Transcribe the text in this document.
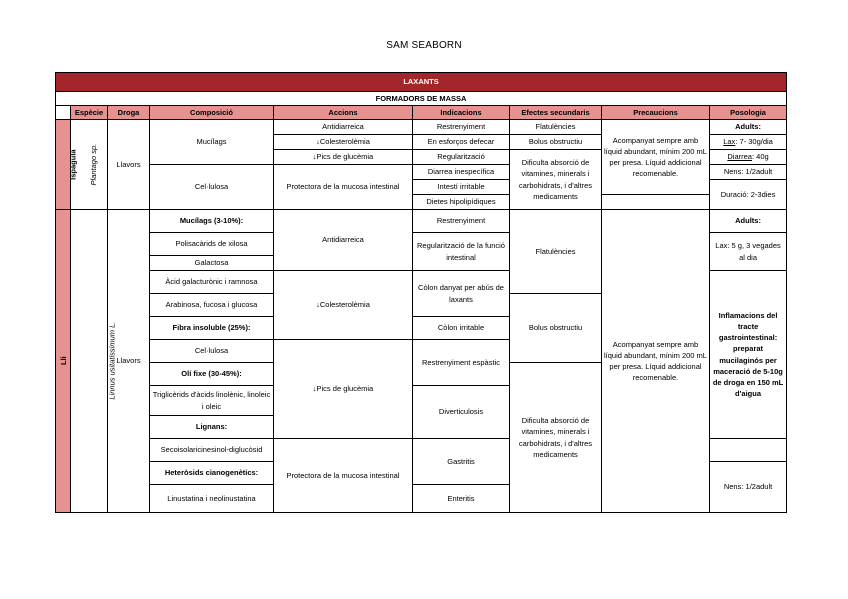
SAM SEABORN
LAXANTS									
FORMADORS DE MASSA									
	Espècie	Droga	Composició	Accions	Indicacions	Efectes secundaris	Precaucions	Posologia	
Ispàgula	Plantago sp.	Llavors	Mucílags	Antidiarreica	Restrenyiment	Flatulències	Acompanyat sempre amb líquid abundant, mínim 200 mL per presa. Líquid addicional recomenable.	Adults:	
				↓Colesterolèmia	En esforços defecar	Bolus obstructiu		Lax: 7- 30g/dia	
				↓Pics de glucèmia	Regularització	Dificulta absorció de vitamines, minerals i carbohidrats, i d'altres medicaments		Diarrea: 40g	
			Cel·lulosa	Protectora de la mucosa intestinal	Diarrea inespecífica			Nens: 1/2adult	
					Intestí irritable			Duració: 2-3dies	
					Dietes hipolipídiques				
Lli	Linnus usitatissimum L.	Llavors	Mucílags (3-10%):	Antidiarreica	Restrenyiment	Flatulències	Acompanyat sempre amb líquid abundant, mínim 200 mL per presa. Líquid addicional recomenable.	Adults:	
			Polisacàrids de xilosa		Regularització de la funció intestinal			Lax: 5 g, 3 vegades al dia	
			Galactosa						
			Àcid galacturònic i ramnosa	↓Colesterolèmia	Còlon danyat per abús de laxants			Inflamacions del tracte gastrointestinal: preparat mucilaginós per maceració de 5-10g de droga en 150 mL d'aigua	
			Arabinosa, fucosa i glucosa			Bolus obstructiu			
			Fibra insoluble (25%):		Còlon irritable				
			Cel·lulosa	↓Pics de glucèmia	Restrenyiment espàstic				
			Olí fixe (30-45%):			Dificulta absorció de vitamines, minerals i carbohidrats, i d'altres medicaments			
			Triglicèrids d'àcids linolènic, linoleic i oleic		Diverticulosis				
			Lignans:						
			Secoisolaricinesinol-diglucòsid	Protectora de la mucosa intestinal	Gastritis				
			Heteròsids cianogenètics:					Nens: 1/2adult	
			Linustatina i neolinustatina		Enteritis				
